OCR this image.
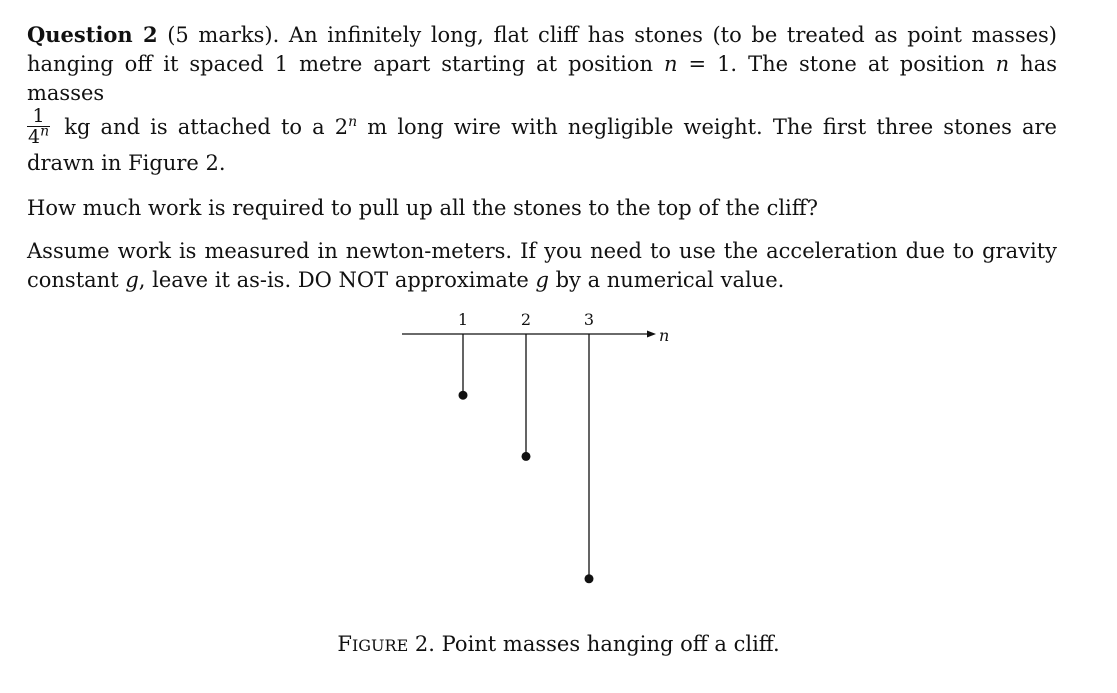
Question 2 (5 marks). An infinitely long, flat cliff has stones (to be treated as point masses) hanging off it spaced 1 metre apart starting at position n = 1. The stone at position n has masses

$\frac{1}{4^n}$ kg and is attached to a 2$^n$ m long wire with negligible weight. The first three stones are drawn in Figure 2.

How much work is required to pull up all the stones to the top of the cliff?

Assume work is measured in newton-meters. If you need to use the acceleration due to gravity constant g, leave it as-is. DO NOT approximate g by a numerical value.

n
1	2	3
FIGURE 2. Point masses hanging off a cliff.
